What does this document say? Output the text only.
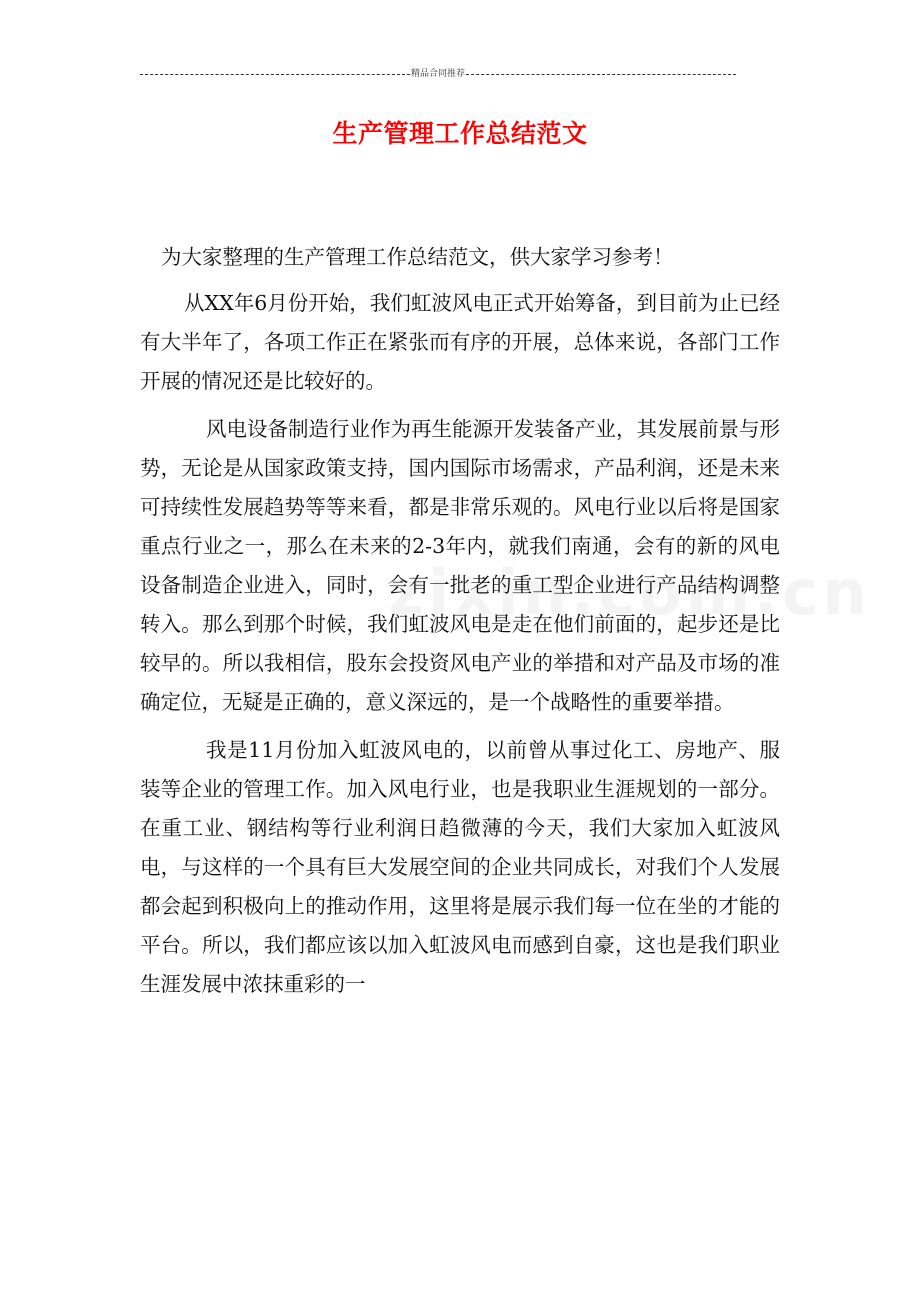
精品合同推荐
生产管理工作总结范文

为大家整理的生产管理工作总结范文，供大家学习参考！

从XX年6月份开始，我们虹波风电正式开始筹备，到目前为止已经有大半年了，各项工作正在紧张而有序的开展，总体来说，各部门工作开展的情况还是比较好的。

风电设备制造行业作为再生能源开发装备产业，其发展前景与形势，无论是从国家政策支持，国内国际市场需求，产品利润，还是未来可持续性发展趋势等等来看，都是非常乐观的。风电行业以后将是国家重点行业之一，那么在未来的2-3年内，就我们南通，会有的新的风电设备制造企业进入，同时，会有一批老的重工型企业进行产品结构调整转入。那么到那个时候，我们虹波风电是走在他们前面的，起步还是比较早的。所以我相信，股东会投资风电产业的举措和对产品及市场的准确定位，无疑是正确的，意义深远的，是一个战略性的重要举措。

我是11月份加入虹波风电的，以前曾从事过化工、房地产、服装等企业的管理工作。加入风电行业，也是我职业生涯规划的一部分。在重工业、钢结构等行业利润日趋微薄的今天，我们大家加入虹波风电，与这样的一个具有巨大发展空间的企业共同成长，对我们个人发展都会起到积极向上的推动作用，这里将是展示我们每一位在坐的才能的平台。所以，我们都应该以加入虹波风电而感到自豪，这也是我们职业生涯发展中浓抹重彩的一
